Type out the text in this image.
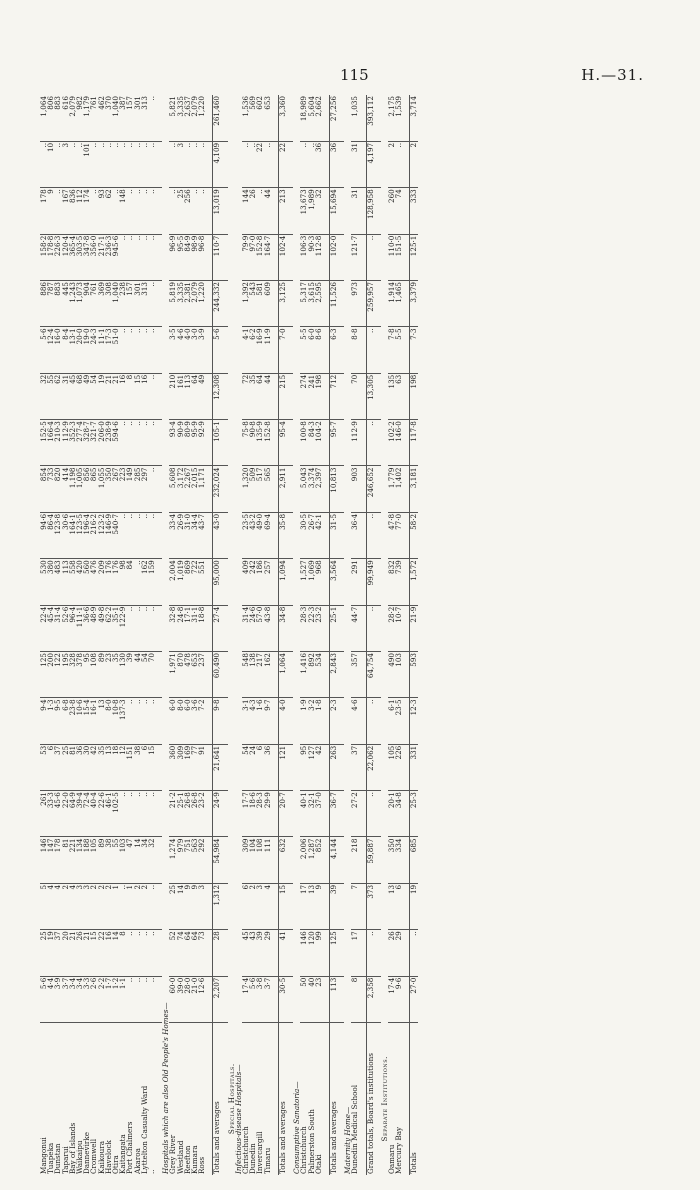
115	H.—31.
Mangonui	5·6	25	5	146	261	53	9·4	125	22·4	530	94·6	854	152·5	32	5·6	886	158·2	178	..	1,064
Tuapeka	4·4	19	4	147	33·3	6	1·3	200	45·4	380	86·4	733	166·4	55	12·4	787	178·8	9	10	806
Dunstan	3·9	37	4	178	45·6	37	9·5	122	31·4	483	123·8	820	210·3	62	16·0	883	226·3	..	..	883
Taparui	3·7	20	2	81	22·0	25	6·8	195	52·6	113	30·6	414	112·9	31	8·4	445	120·4	167	3	616
Bay of Islands	3·4	21	4	221	64·9	81	23·8	328	96·4	558	164·1	1,198	352·3	45	13·1	1,243	365·4	836	..	2,079
Waikaipu	3·4	26	3	134	39·4	36	10·6	378	111·1	420	123·5	1,005	277·4	68	20·0	1,073	303·5	112	..	982
Dannevirke	3·3	21	3	188	72·4	30	15·4	95	36·6	560	196·4	856	328·7	49	19·0	904	347·8	174	101	1,179
Cromwell	2·6	15	2	105	40·4	42	16·1	108	48·9	476	216·2	865	321·7	54	24·3	761	356·0	..	..	761
Kaikoura	2·2	22	2	89	22·6	35	13	89	49·8	209	123·2	1,055	206·0	19	11·1	369	217·1	93	..	462
Havelock	1·7	16	2	38	46·1	13	8·0	23	62·2	176	146·9	350	238·9	21	17·3	308	236·3	62	..	370
Otira	1·2	14	1	55	102·5	18	10·8	35	35·1	176	540·7	267	594·6	21	51·0	1,040	945·6	..	..	1,040
Kaitangata	1·1	8	..	103	..	12	137·3	130	122·9	98	..	223	..	16	..	238	..	148	..	387
Port Chalmers	..	..	1	47	..	151	..	39	..	84	..	149	..	8	..	157	..	..	..	157
Akaroa	..	..	2	14	..	38	..	44	..	..	..	285	..	15	..	301	..	..	..	301
Lyttelton Casualty Ward	..	..	2	34	..	6	..	54	..	162	..	297	..	16	..	313	..	..	..	313
..	..	..	..	32	..	15	..	70	..	159	..	..	..	..	..	..	..	..	..	..

Hospitals which are also Old People's Homes—																				
Grey River	60·0	52	25	1,274	21·2	360	6·0	1,971	32·8	2,004	33·4	5,608	93·4	210	3·5	5,819	96·9	..	..	5,821
Westland	39·0	74	14	979	25·1	309	8·0	870	24·8	1,019	26·9	3,172	90·9	161	4·6	3,335	95·5	25	3	3,335
Reefton	28·0	64	9	751	26·8	169	6·0	478	17·1	869	31·0	2,267	80·9	113	4·0	2,381	84·9	256	..	2,637
Kumara	21·0	64	9	563	26·8	77	3·6	653	31·1	722	34·4	2,015	95·9	64	3·0	2,079	98·9	..	..	2,079
Ross	12·6	73	3	292	23·2	91	7·2	237	18·8	551	43·7	1,171	92·9	49	3·9	1,220	96·8	..	..	1,220

Totals and averages	2,207	28	1,312	54,984	24·9	21,641	9·8	60,490	27·4	95,000	43·0	232,024	105·1	12,308	5·6	244,332	110·7	13,019	4,109	261,460

Special Hospitals.																				
Infectious-disease Hospitals—																				
Christchurch	17·4	45	6	309	17·7	54	3·1	548	31·4	409	23·5	1,320	75·8	72	4·1	1,392	79·9	144	..	1,536
Dunedin	5·6	43	2	104	18·6	24	4·3	138	24·6	242	43·2	509	90·8	35	6·2	543	97·0	26	..	569
Invercargill	3·8	39	3	108	28·3	6	1·6	217	57·0	186	49·0	517	135·9	64	16·9	581	152·8	..	22	602
Timaru	3·7	29	4	111	29·9	36	9·7	162	43·8	257	69·4	565	152·8	44	11·9	609	164·7	44	..	653

Totals and averages	30·5	41	15	632	20·7	121	4·0	1,064	34·8	1,094	35·8	2,911	95·4	215	7·0	3,125	102·4	213	22	3,360

Consumptive Sanatoria—																				
Christchurch	50	146	17	2,006	40·1	95	1·9	1,416	28·3	1,527	30·5	5,043	100·8	274	5·5	5,317	106·3	13,673	..	18,989
Palmerston South	40	120	13	1,287	32·1	127	3·2	892	22·3	1,069	26·7	3,374	84·3	241	6·0	3,615	90·3	1,989	..	5,604
Otaki	23	99	9	852	37·0	42	1·8	534	23·2	968	42·1	2,397	104·2	198	8·6	2,595	112·8	32	36	2,662

Totals and averages	113	125	39	4,144	36·7	263	2·3	2,843	25·1	3,564	31·5	10,813	95·7	712	6·3	11,526	102·0	15,694	36	27,256

Maternity Home—																				
Dunedin Medical School	8	17	7	218	27·2	37	4·6	357	44·7	291	36·4	903	112·9	70	8·8	973	121·7	31	31	1,035

Grand totals, Board's institutions	2,358	..	373	59,887	..	22,062	..	64,754	..	99,949	..	246,652	..	13,305	..	259,957	..	128,958	4,197	393,112

Separate Institutions.																				
Oamaru	17·4	26	13	350	20·1	105	6·1	490	28·2	832	47·8	1,779	102·2	135	7·8	1,914	110·0	260	2	2,175
Mercury Bay	9·6	29	6	334	34·8	226	23·5	103	10·7	739	77·0	1,402	146·0	63	5·5	1,465	151·5	74	..	1,539

Totals	27·0	..	19	685	25·3	331	12·3	593	21·9	1,572	58·2	3,181	117·8	198	7·3	3,379	125·1	333	2	3,714
